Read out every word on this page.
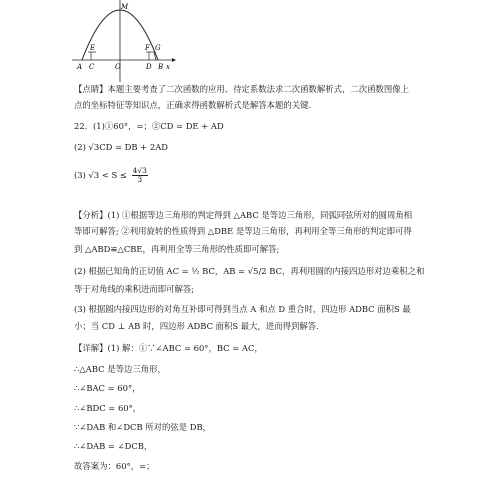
M
E	F G
A C	O	D B x
【点睛】本题主要考查了二次函数的应用、待定系数法求二次函数解析式，二次函数图像上
点的坐标特征等知识点，正确求得函数解析式是解答本题的关键.
22．(1)①60°，=；②CD = DE + AD
(2) √3CD = DB + 2AD
(3) $√3 < S \le \frac{4√3}{3}$
【分析】(1) ①根据等边三角形的判定得到 △ABC 是等边三角形，同弧同弦所对的圆周角相
等即可解答; ②利用旋转的性质得到 △DBE 是等边三角形，再利用全等三角形的判定即可得
到 △ABD≌△CBE，再利用全等三角形的性质即可解答;
(2) 根据已知角的正切值 AC = ½ BC，AB = √5/2 BC，再利用圆的内接四边形对边乘积之和
等于对角线的乘积进而即可解答;
(3) 根据圆内接四边形的对角互补即可得到当点 A 和点 D 重合时，四边形 ADBC 面积S 最
小；当 CD ⊥ AB 时，四边形 ADBC 面积S 最大，进而得到解答.
【详解】(1) 解：①∵∠ABC = 60°，BC = AC，
∴△ABC 是等边三角形，
∴∠BAC = 60°，
∴∠BDC = 60°，
∵∠DAB 和∠DCB 所对的弦是 DB，
∴∠DAB = ∠DCB，
故答案为：60°，=；
